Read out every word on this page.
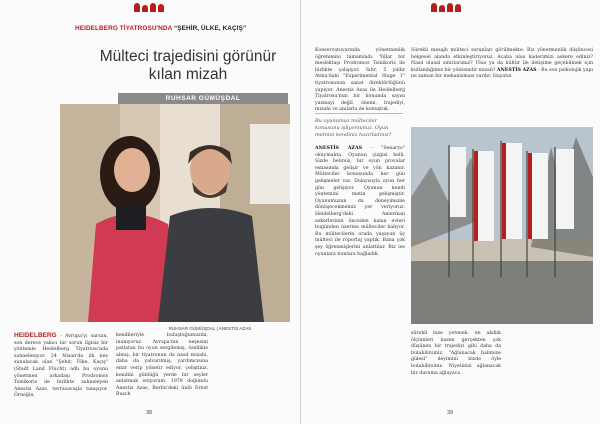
HEIDELBERG TİYATROSU'NDA “ŞEHİR, ÜLKE, KAÇIŞ”
Mülteci trajedisini görünür
kılan mizah
RUHSAR GÜMÜŞDAL
RUHSAR GÜMÜŞDAL | ANESTİS AZAS
HEIDELBERG - Avrupa'yı sarsan, son derece yakıcı bir sorun ilgisiz bir yöntemle Heidelberg Tiyatrosu'nda sahneleniyor. 24 Nisan'da ilk kez sunulacak olan "Şehir, Ülke, Kaçış" (Stadt Land Flucht) adlı bu oyunu yönetmen arkadaşı Prodromos Tsinikoris ile birlikte sahneleyen Anestis Azas, tevrasavaşla tanışıyor. Örneğin,
kendileriyle buluştuğumuzda, inanıyoruz. Avrupa'nın neşesini patlatan bu oyun sergilemiş, özellikle almış, bir tiyatronun da nasıl mizahi, daha da yalvarılmış, yardımcısına emir verip yönetir ediyor, çeliştinız, kendini güldüğü yerde bir seyler anlatmak istiyorum. 1978 doğumlu Anestis Azas, Berlin'deki ünlü Ernst Busch
38
Konservatuvarında yönetmenlik öğrenimini tamamladı. Yıllar bir meslektaşı Prodromos Tsinikoris ile birlikte çalışıyor. Sıfır, 5 yıldır Atina'daki "Experimental Stage 1" tiyatrosunun sanat direktörlüğünü yapıyor. Anestis Azas ile Heidelberg Tiyatrosu'nun bir konunda sayısı yazmayı değil, önemi, trajediyi, mizahi ve anılarla de konuştuk.
Bu oyunumuz mülteciler konusunu işliyorsunuz. Oyun metnini kendiniz hazırladınız?
ANESTİS AZAS - "Senaryo" okuymakta. Oyunun çizgisi belli. Sizde belirsiz, bir oyun provalar esnasında gelişir ve yön kazanır. Mülteciler konusunda her gün gelişmeler var. Dolayısıyla oyun her gün gelişiyor. Oyunun kendi yöntemini metin gelişmiştir. Oyunumuzun da deneyimsine dönüşecekmemiz yer veriyoruz. Heidelberg'deki Amerikan askerlerinin önceden kalan evleri bugünden üzerine mülteciler kalıyor. Bu mültecilerin orada yaşayan üç mülteci ile röportaj yaptık. Bana çok şey öğrenmişlerini anlattılar. Biz ise oyunlara bunlara bağladık.
Sürekli mesajlı mülteci sorunları görülmekte. Biz yönetmenlik düşüncesi belgesel alanda etkinleştiriyoruz. Acaba ulus kaderimizi askere ediniz? Nasıl ulusal sınırlarımız? Ulus ya da kültür ile iletişime geçebilmek için kullandığımız bir yöntemdir mizah? ANESTİS AZAS - Bu son psikolojik yapı ne zaman bir mekanizması vardır. Hayatın
sürekli bize yetenek, en akıllık ölçümleri bazen gerçekten çok düşünen bir trajediyi gibi daha da bulabilirsiniz. "Ağlanacak halimize gülesi" deyimini bizde öyle bulabilirsiniz. Niyetinizi ağlanacak bir duruma ağlayaca
39
